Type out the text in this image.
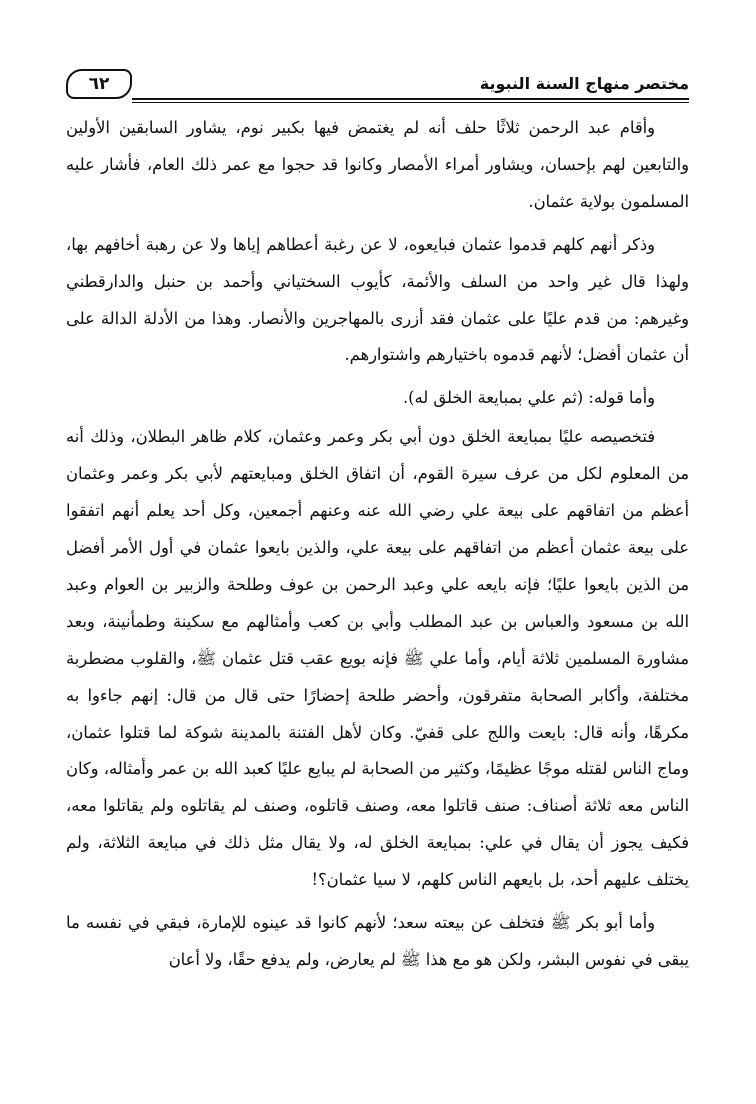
٦٢	مختصر منهاج السنة النبوية

وأقام عبد الرحمن ثلاثًا حلف أنه لم يغتمض فيها بكبير نوم، يشاور السابقين الأولين والتابعين لهم بإحسان، ويشاور أمراء الأمصار وكانوا قد حجوا مع عمر ذلك العام، فأشار عليه المسلمون بولاية عثمان.

وذكر أنهم كلهم قدموا عثمان فبايعوه، لا عن رغبة أعطاهم إياها ولا عن رهبة أخافهم بها، ولهذا قال غير واحد من السلف والأئمة، كأيوب السختياني وأحمد بن حنبل والدارقطني وغيرهم: من قدم عليًا على عثمان فقد أزرى بالمهاجرين والأنصار. وهذا من الأدلة الدالة على أن عثمان أفضل؛ لأنهم قدموه باختيارهم واشتوارهم.

وأما قوله: (ثم علي بمبايعة الخلق له).

فتخصيصه عليًا بمبايعة الخلق دون أبي بكر وعمر وعثمان، كلام ظاهر البطلان، وذلك أنه من المعلوم لكل من عرف سيرة القوم، أن اتفاق الخلق ومبايعتهم لأبي بكر وعمر وعثمان أعظم من اتفاقهم على بيعة علي رضي الله عنه وعنهم أجمعين، وكل أحد يعلم أنهم اتفقوا على بيعة عثمان أعظم من اتفاقهم على بيعة علي، والذين بايعوا عثمان في أول الأمر أفضل من الذين بايعوا عليًا؛ فإنه بايعه علي وعبد الرحمن بن عوف وطلحة والزبير بن العوام وعبد الله بن مسعود والعباس بن عبد المطلب وأبي بن كعب وأمثالهم مع سكينة وطمأنينة، وبعد مشاورة المسلمين ثلاثة أيام، وأما علي ﷺ فإنه بويع عقب قتل عثمان ﷺ، والقلوب مضطربة مختلفة، وأكابر الصحابة متفرقون، وأحضر طلحة إحضارًا حتى قال من قال: إنهم جاءوا به مكرهًا، وأنه قال: بايعت واللج على قفيّ. وكان لأهل الفتنة بالمدينة شوكة لما قتلوا عثمان، وماج الناس لقتله موجًا عظيمًا، وكثير من الصحابة لم يبايع عليًا كعبد الله بن عمر وأمثاله، وكان الناس معه ثلاثة أصناف: صنف قاتلوا معه، وصنف قاتلوه، وصنف لم يقاتلوه ولم يقاتلوا معه، فكيف يجوز أن يقال في علي: بمبايعة الخلق له، ولا يقال مثل ذلك في مبايعة الثلاثة، ولم يختلف عليهم أحد، بل بايعهم الناس كلهم، لا سيا عثمان؟!

وأما أبو بكر ﷺ فتخلف عن بيعته سعد؛ لأنهم كانوا قد عينوه للإمارة، فبقي في نفسه ما يبقى في نفوس البشر، ولكن هو مع هذا ﷺ لم يعارض، ولم يدفع حقًا، ولا أعان
